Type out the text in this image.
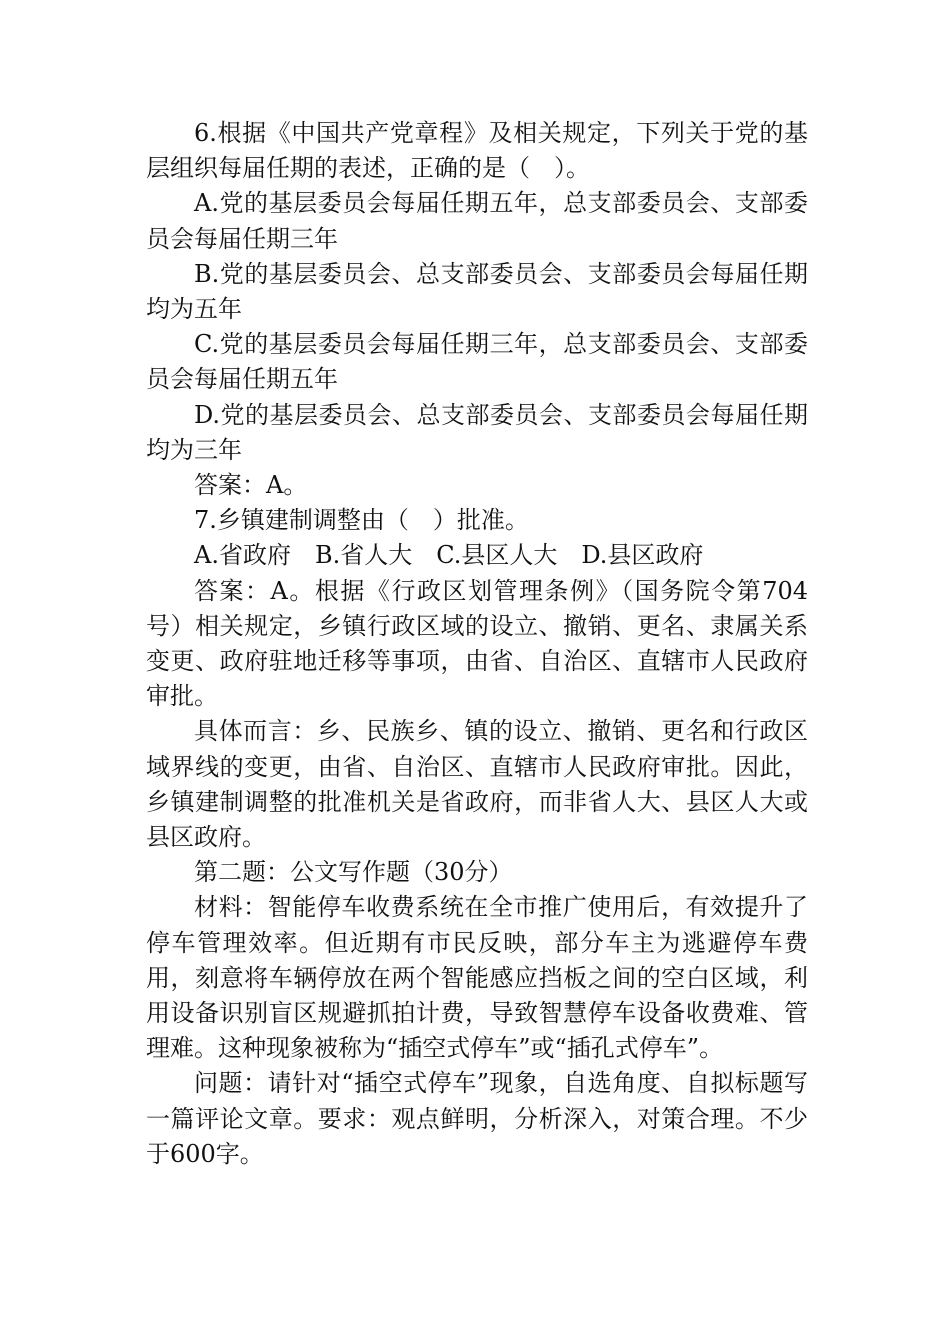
6.根据《中国共产党章程》及相关规定，下列关于党的基层组织每届任期的表述，正确的是（　）。

A.党的基层委员会每届任期五年，总支部委员会、支部委员会每届任期三年

B.党的基层委员会、总支部委员会、支部委员会每届任期均为五年

C.党的基层委员会每届任期三年，总支部委员会、支部委员会每届任期五年

D.党的基层委员会、总支部委员会、支部委员会每届任期均为三年

答案：A。

7.乡镇建制调整由（　）批准。

A.省政府　B.省人大　C.县区人大　D.县区政府

答案：A。根据《行政区划管理条例》（国务院令第704号）相关规定，乡镇行政区域的设立、撤销、更名、隶属关系变更、政府驻地迁移等事项，由省、自治区、直辖市人民政府审批。

具体而言：乡、民族乡、镇的设立、撤销、更名和行政区域界线的变更，由省、自治区、直辖市人民政府审批。因此，乡镇建制调整的批准机关是省政府，而非省人大、县区人大或县区政府。

第二题：公文写作题（30分）

材料：智能停车收费系统在全市推广使用后，有效提升了停车管理效率。但近期有市民反映，部分车主为逃避停车费用，刻意将车辆停放在两个智能感应挡板之间的空白区域，利用设备识别盲区规避抓拍计费，导致智慧停车设备收费难、管理难。这种现象被称为“插空式停车”或“插孔式停车”。

问题：请针对“插空式停车”现象，自选角度、自拟标题写一篇评论文章。要求：观点鲜明，分析深入，对策合理。不少于600字。
